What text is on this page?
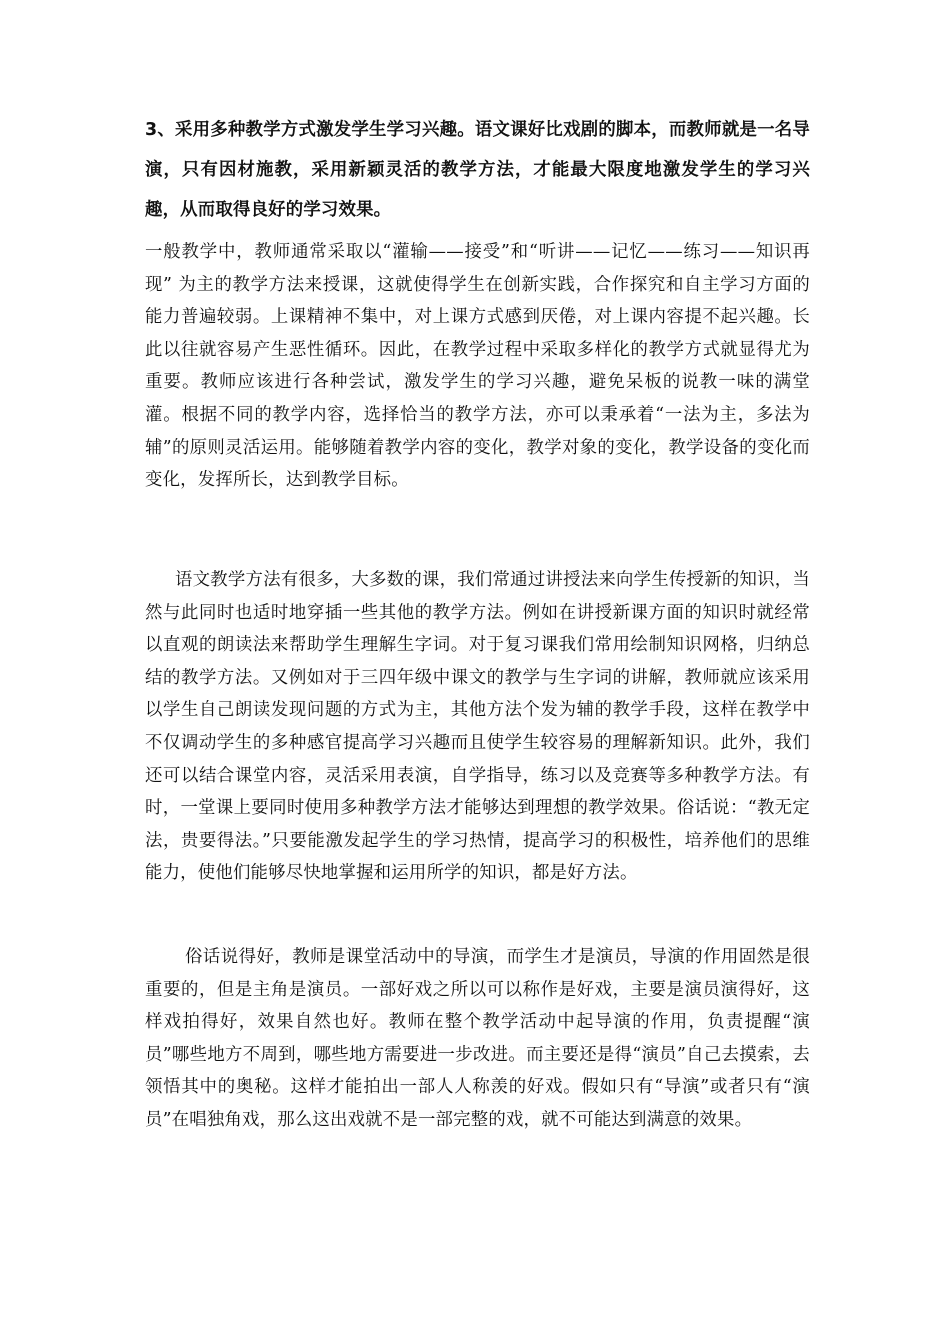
3、采用多种教学方式激发学生学习兴趣。语文课好比戏剧的脚本，而教师就是一名导演，只有因材施教，采用新颖灵活的教学方法，才能最大限度地激发学生的学习兴趣，从而取得良好的学习效果。

一般教学中，教师通常采取以“灌输——接受”和“听讲——记忆——练习——知识再现” 为主的教学方法来授课，这就使得学生在创新实践，合作探究和自主学习方面的能力普遍较弱。上课精神不集中，对上课方式感到厌倦，对上课内容提不起兴趣。长此以往就容易产生恶性循环。因此，在教学过程中采取多样化的教学方式就显得尤为重要。教师应该进行各种尝试，激发学生的学习兴趣，避免呆板的说教一味的满堂灌。根据不同的教学内容，选择恰当的教学方法，亦可以秉承着“一法为主，多法为辅”的原则灵活运用。能够随着教学内容的变化，教学对象的变化，教学设备的变化而变化，发挥所长，达到教学目标。

语文教学方法有很多，大多数的课，我们常通过讲授法来向学生传授新的知识，当然与此同时也适时地穿插一些其他的教学方法。例如在讲授新课方面的知识时就经常以直观的朗读法来帮助学生理解生字词。对于复习课我们常用绘制知识网格，归纳总结的教学方法。又例如对于三四年级中课文的教学与生字词的讲解，教师就应该采用以学生自己朗读发现问题的方式为主，其他方法个发为辅的教学手段，这样在教学中不仅调动学生的多种感官提高学习兴趣而且使学生较容易的理解新知识。此外，我们还可以结合课堂内容，灵活采用表演，自学指导，练习以及竞赛等多种教学方法。有时，一堂课上要同时使用多种教学方法才能够达到理想的教学效果。俗话说：“教无定法，贵要得法。”只要能激发起学生的学习热情，提高学习的积极性，培养他们的思维能力，使他们能够尽快地掌握和运用所学的知识，都是好方法。

俗话说得好，教师是课堂活动中的导演，而学生才是演员，导演的作用固然是很重要的，但是主角是演员。一部好戏之所以可以称作是好戏，主要是演员演得好，这样戏拍得好，效果自然也好。教师在整个教学活动中起导演的作用，负责提醒“演员”哪些地方不周到，哪些地方需要进一步改进。而主要还是得“演员”自己去摸索，去领悟其中的奥秘。这样才能拍出一部人人称羡的好戏。假如只有“导演”或者只有“演员”在唱独角戏，那么这出戏就不是一部完整的戏，就不可能达到满意的效果。
